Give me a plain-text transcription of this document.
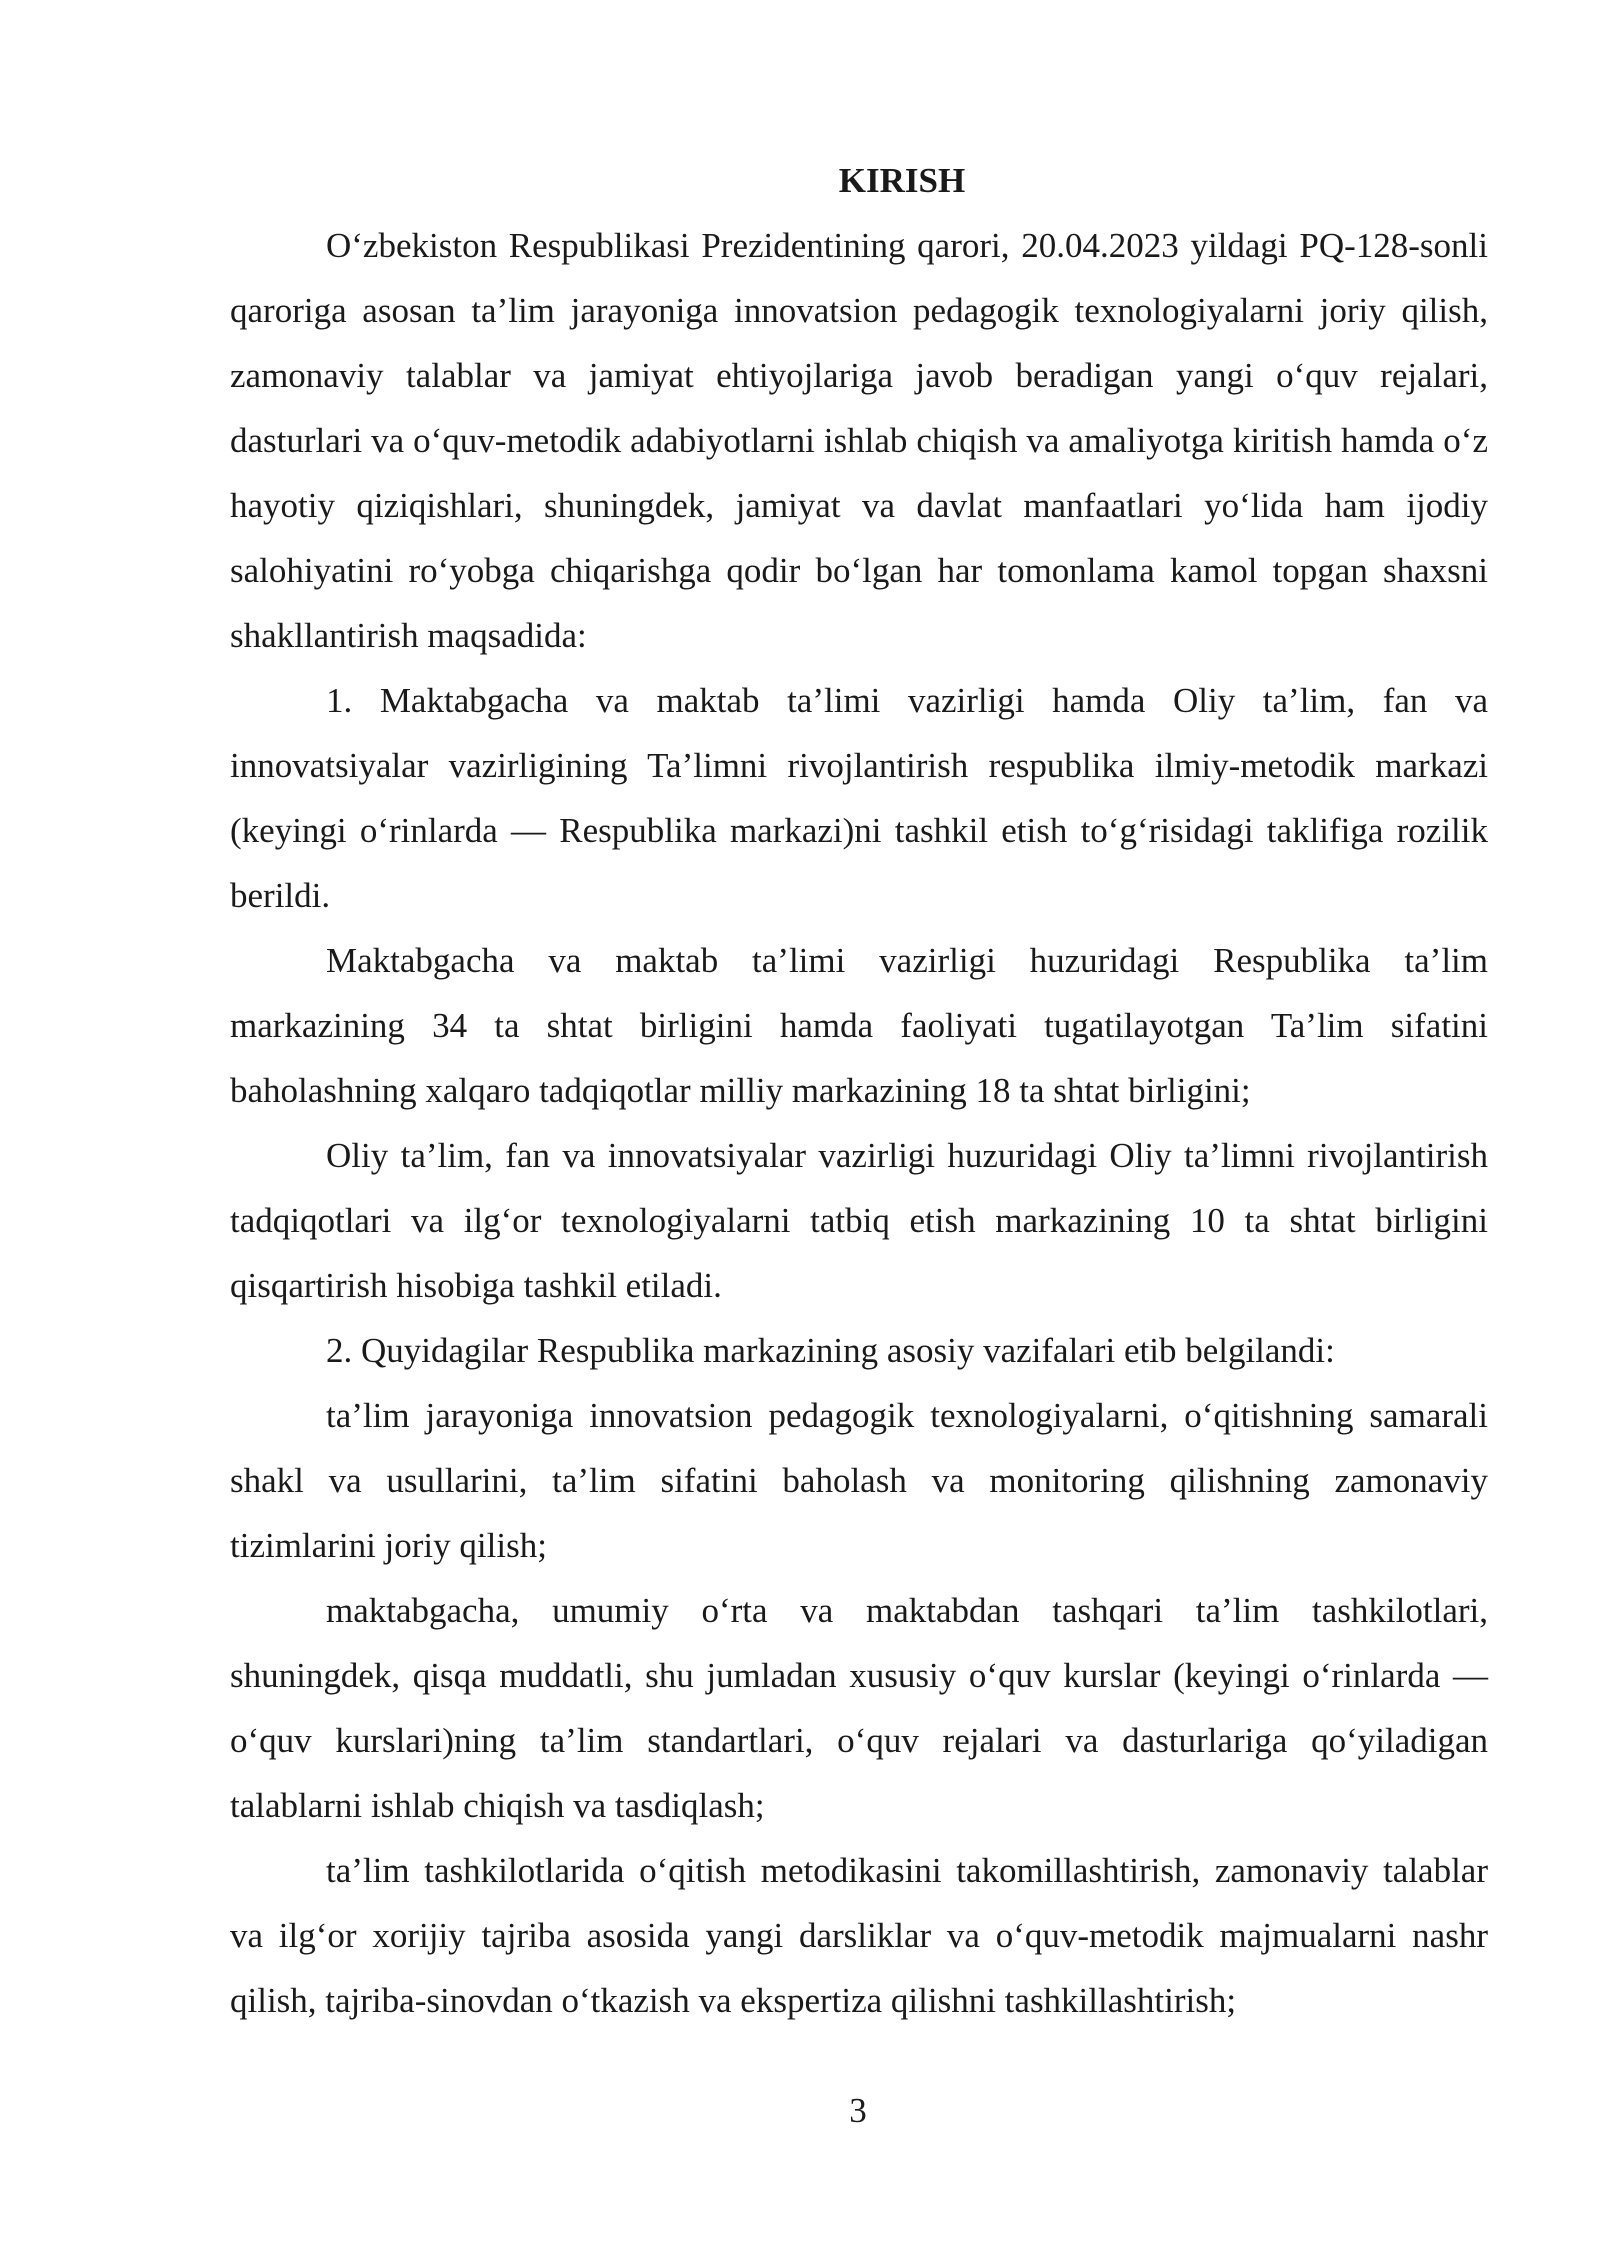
KIRISH

O‘zbekiston Respublikasi Prezidentining qarori, 20.04.2023 yildagi PQ-128-sonli qaroriga asosan ta’lim jarayoniga innovatsion pedagogik texnologiyalarni joriy qilish, zamonaviy talablar va jamiyat ehtiyojlariga javob beradigan yangi o‘quv rejalari, dasturlari va o‘quv-metodik adabiyotlarni ishlab chiqish va amaliyotga kiritish hamda o‘z hayotiy qiziqishlari, shuningdek, jamiyat va davlat manfaatlari yo‘lida ham ijodiy salohiyatini ro‘yobga chiqarishga qodir bo‘lgan har tomonlama kamol topgan shaxsni shakllantirish maqsadida:

1. Maktabgacha va maktab ta’limi vazirligi hamda Oliy ta’lim, fan va innovatsiyalar vazirligining Ta’limni rivojlantirish respublika ilmiy-metodik markazi (keyingi o‘rinlarda — Respublika markazi)ni tashkil etish to‘g‘risidagi taklifiga rozilik berildi.

Maktabgacha va maktab ta’limi vazirligi huzuridagi Respublika ta’lim markazining 34 ta shtat birligini hamda faoliyati tugatilayotgan Ta’lim sifatini baholashning xalqaro tadqiqotlar milliy markazining 18 ta shtat birligini;

Oliy ta’lim, fan va innovatsiyalar vazirligi huzuridagi Oliy ta’limni rivojlantirish tadqiqotlari va ilg‘or texnologiyalarni tatbiq etish markazining 10 ta shtat birligini qisqartirish hisobiga tashkil etiladi.

2. Quyidagilar Respublika markazining asosiy vazifalari etib belgilandi:

ta’lim jarayoniga innovatsion pedagogik texnologiyalarni, o‘qitishning samarali shakl va usullarini, ta’lim sifatini baholash va monitoring qilishning zamonaviy tizimlarini joriy qilish;

maktabgacha, umumiy o‘rta va maktabdan tashqari ta’lim tashkilotlari, shuningdek, qisqa muddatli, shu jumladan xususiy o‘quv kurslar (keyingi o‘rinlarda — o‘quv kurslari)ning ta’lim standartlari, o‘quv rejalari va dasturlariga qo‘yiladigan talablarni ishlab chiqish va tasdiqlash;

ta’lim tashkilotlarida o‘qitish metodikasini takomillashtirish, zamonaviy talablar va ilg‘or xorijiy tajriba asosida yangi darsliklar va o‘quv-metodik majmualarni nashr qilish, tajriba-sinovdan o‘tkazish va ekspertiza qilishni tashkillashtirish;

3
